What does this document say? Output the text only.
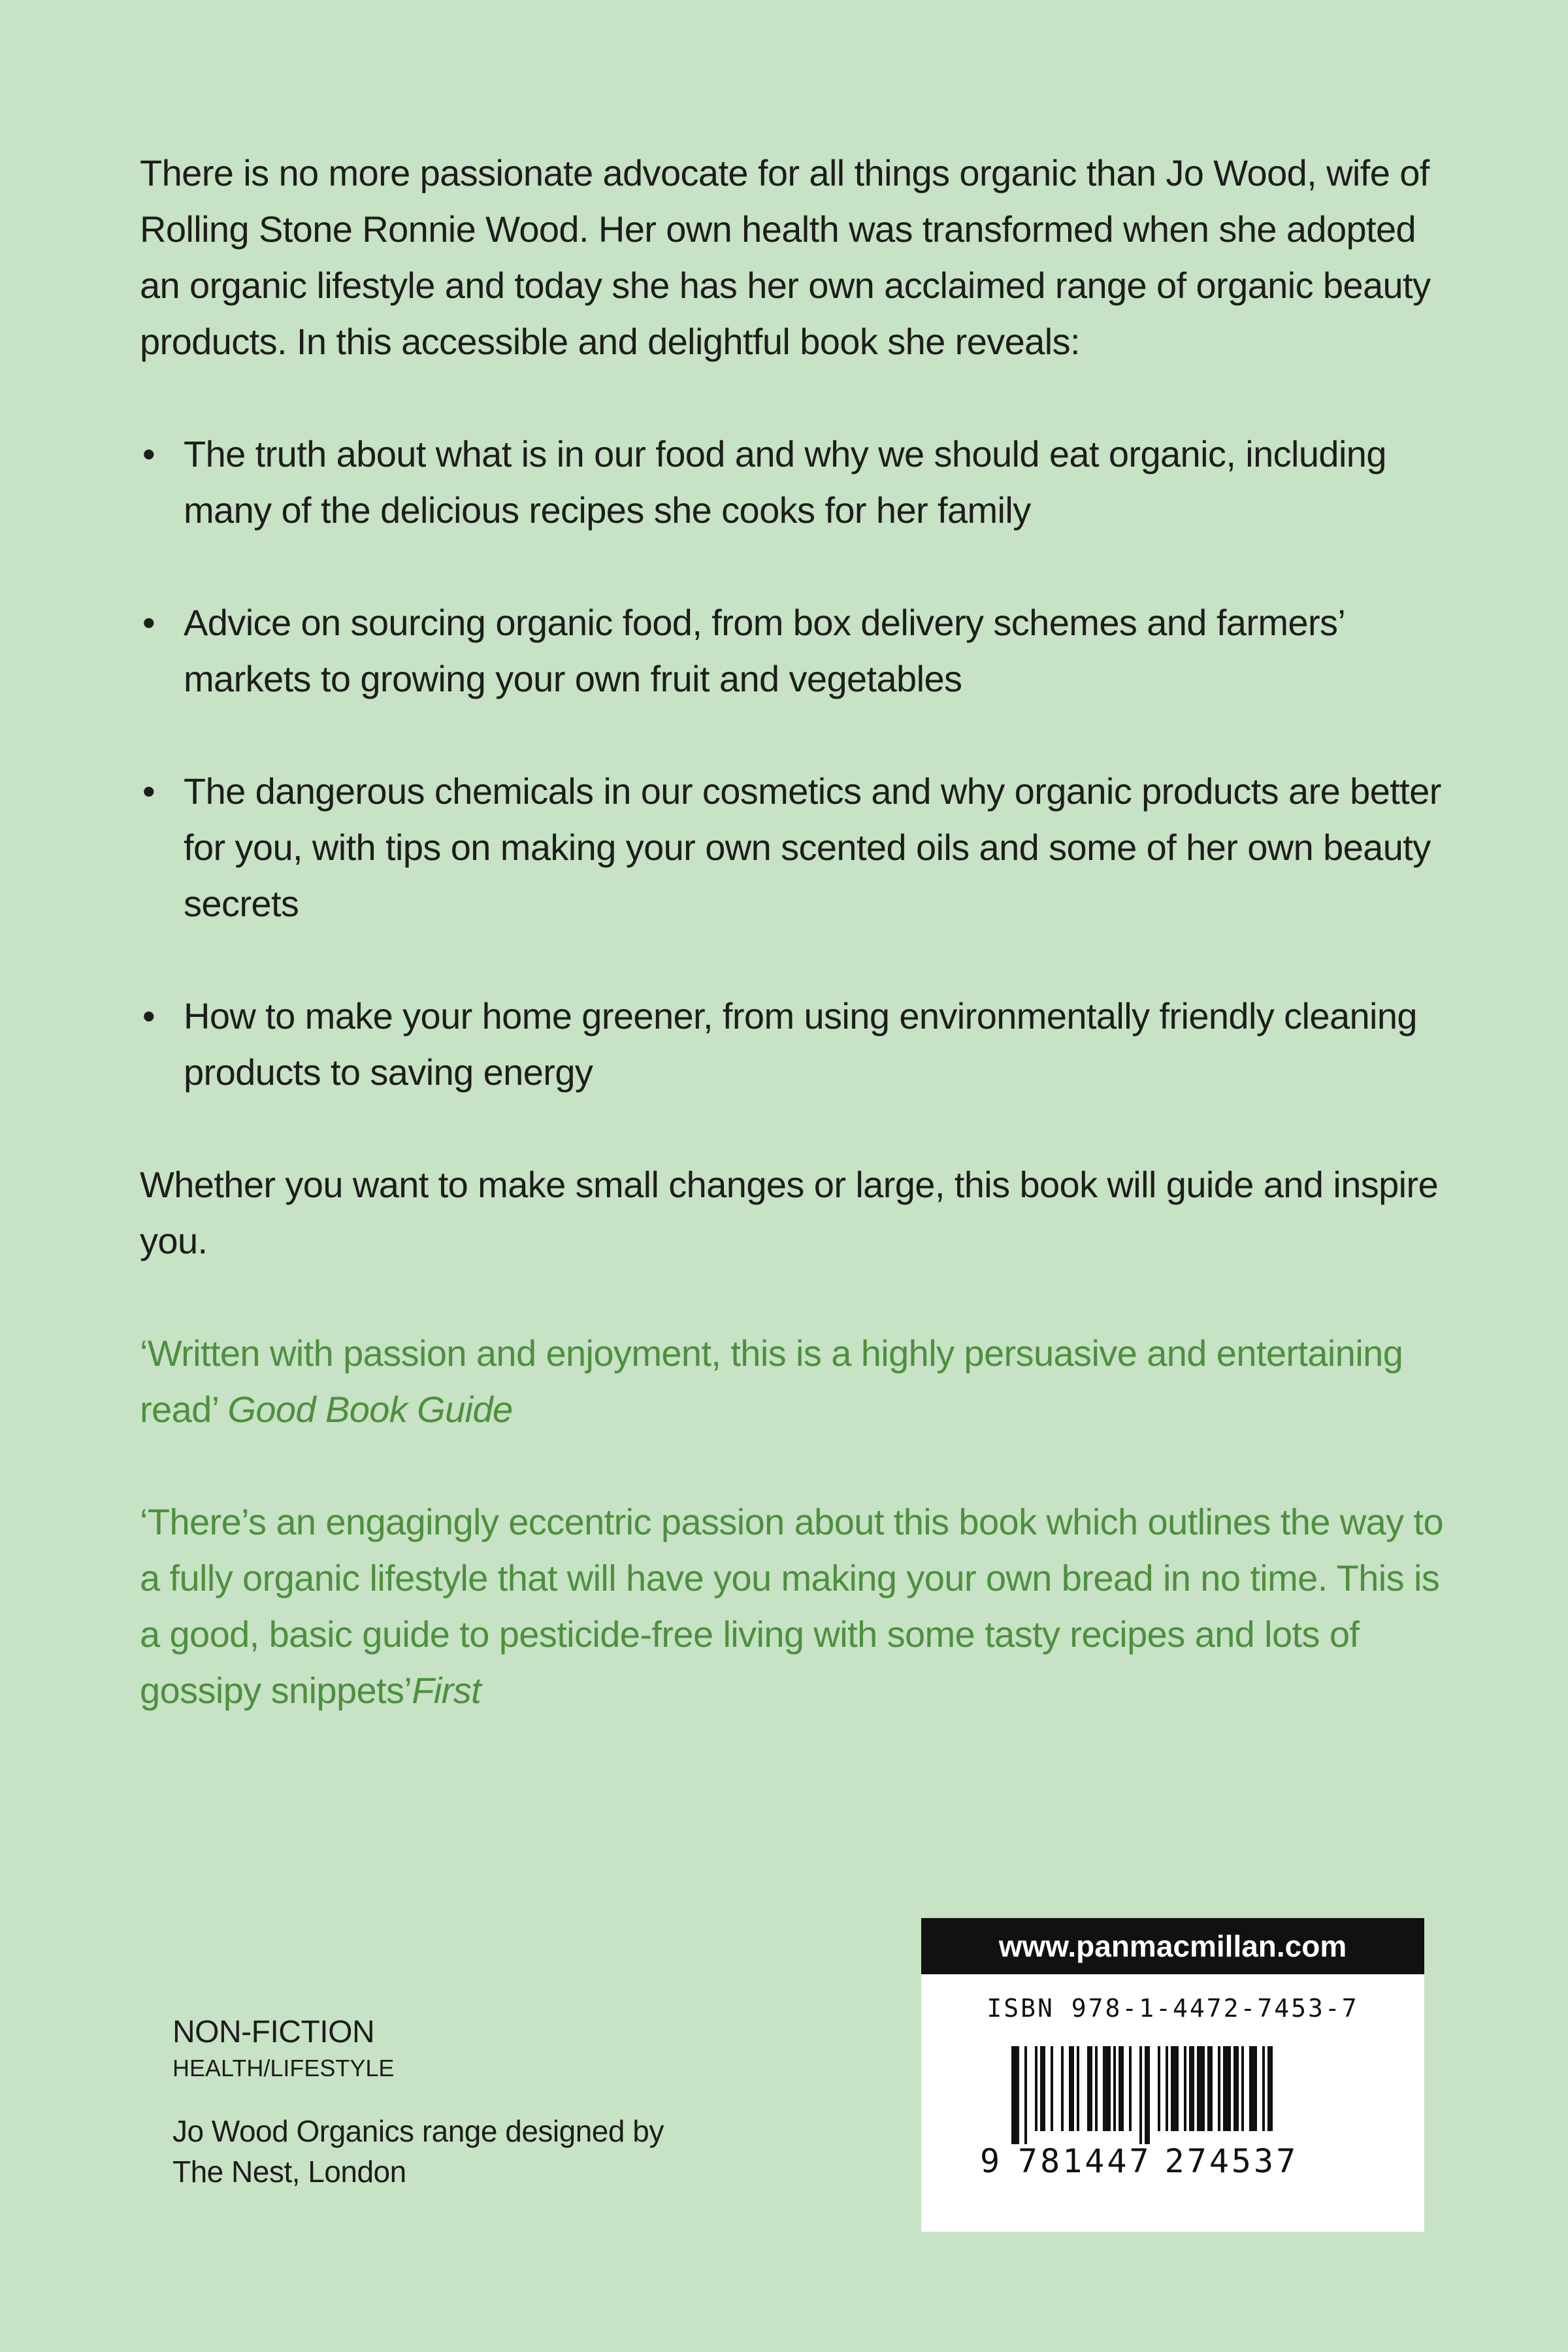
There is no more passionate advocate for all things organic than Jo Wood, wife of Rolling Stone Ronnie Wood. Her own health was transformed when she adopted an organic lifestyle and today she has her own acclaimed range of organic beauty products. In this accessible and delightful book she reveals:

• The truth about what is in our food and why we should eat organic, including many of the delicious recipes she cooks for her family
• Advice on sourcing organic food, from box delivery schemes and farmers’ markets to growing your own fruit and vegetables
• The dangerous chemicals in our cosmetics and why organic products are better for you, with tips on making your own scented oils and some of her own beauty secrets
• How to make your home greener, from using environmentally friendly cleaning products to saving energy

Whether you want to make small changes or large, this book will guide and inspire you.

‘Written with passion and enjoyment, this is a highly persuasive and entertaining read’ Good Book Guide

‘There’s an engagingly eccentric passion about this book which outlines the way to a fully organic lifestyle that will have you making your own bread in no time. This is a good, basic guide to pesticide-free living with some tasty recipes and lots of gossipy snippets’First

NON-FICTION

HEALTH/LIFESTYLE

Jo Wood Organics range designed by

The Nest, London

www.panmacmillan.com
ISBN 978-1-4472-7453-7
9 781447 274537
